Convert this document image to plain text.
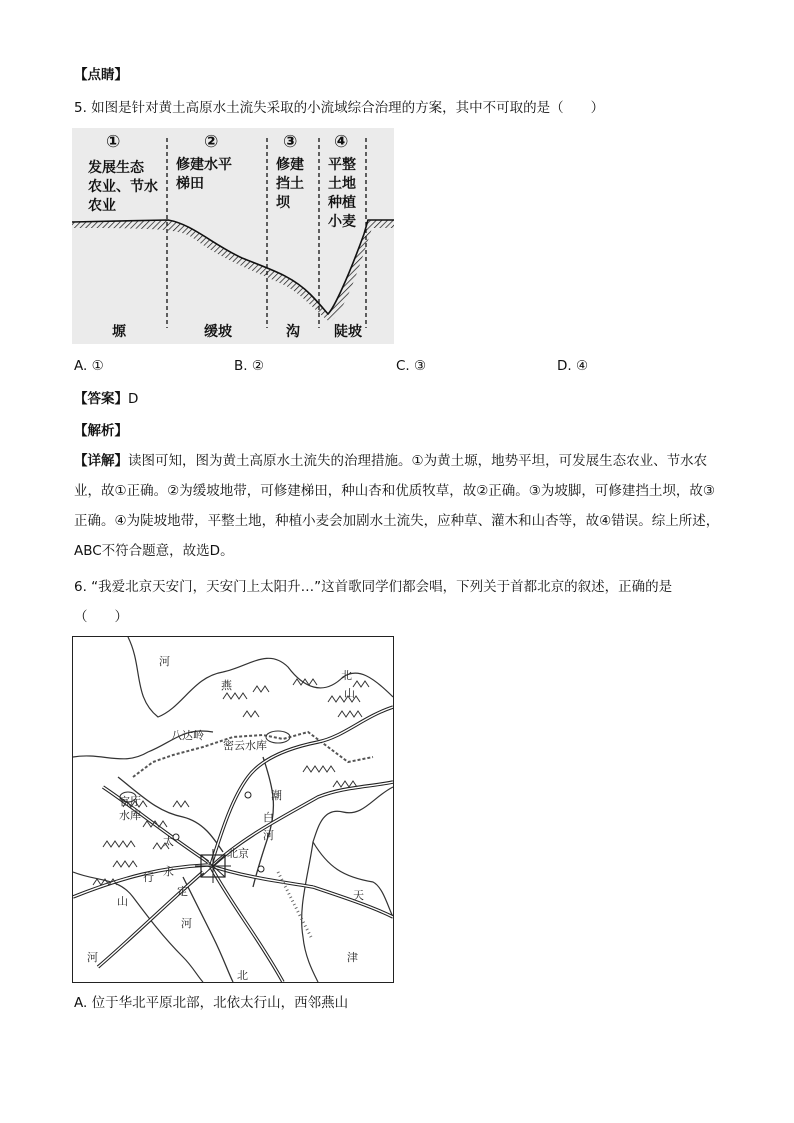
【点睛】
5. 如图是针对黄土高原水土流失采取的小流域综合治理的方案，其中不可取的是（　　）
①
发展生态
农业、节水
农业
②
修建水平
梯田
③
修建
挡土
坝
④
平整
土地
种植
小麦
塬	缓坡	沟 陡坡
A. ①	B. ②	C. ③	D. ④
【答案】D
【解析】
【详解】读图可知，图为黄土高原水土流失的治理措施。①为黄土塬，地势平坦，可发展生态农业、节水农业，故①正确。②为缓坡地带，可修建梯田，种山杏和优质牧草，故②正确。③为坡脚，可修建挡土坝，故③正确。④为陡坡地带，平整土地，种植小麦会加剧水土流失，应种草、灌木和山杏等，故④错误。综上所述，ABC不符合题意，故选D。
6. “我爱北京天安门，天安门上太阳升…”这首歌同学们都会唱，下列关于首都北京的叙述，正确的是
（　　）
河
北
山
燕
八达岭
密云水库
官厅
水库
潮
白
河
太
行
山
北京
永
定
河
天
津
河
北
A. 位于华北平原北部，北依太行山，西邻燕山
